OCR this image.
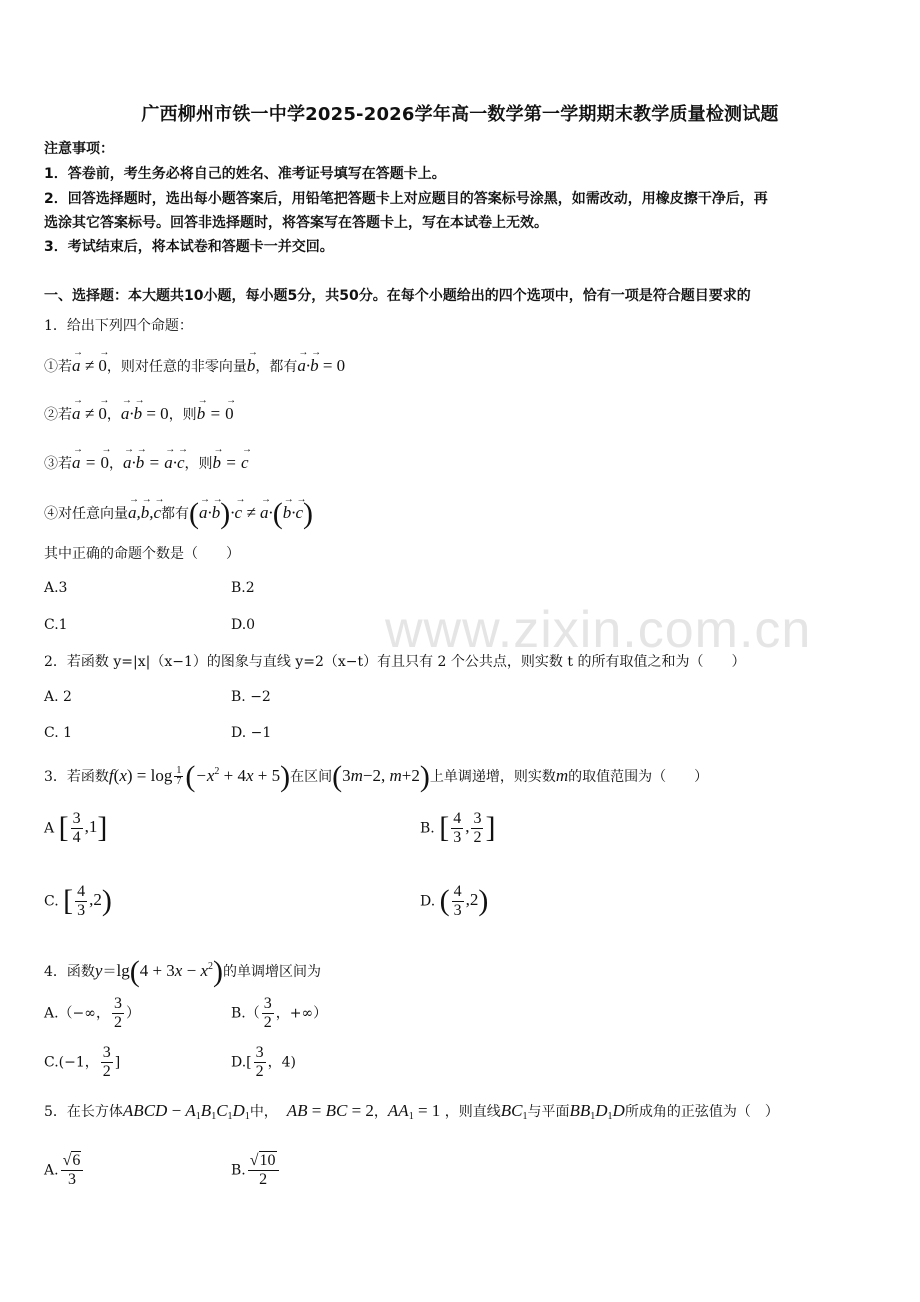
广西柳州市铁一中学2025-2026学年高一数学第一学期期末教学质量检测试题
注意事项：
1．答卷前，考生务必将自己的姓名、准考证号填写在答题卡上。
2．回答选择题时，选出每小题答案后，用铅笔把答题卡上对应题目的答案标号涂黑，如需改动，用橡皮擦干净后，再
选涂其它答案标号。回答非选择题时，将答案写在答题卡上，写在本试卷上无效。
3．考试结束后，将本试卷和答题卡一并交回。
一、选择题：本大题共10小题，每小题5分，共50分。在每个小题给出的四个选项中，恰有一项是符合题目要求的
1．给出下列四个命题：
①若→ a ≠ → 0，则对任意的非零向量→ b，都有→ a·→ b = 0
②若→ a ≠ → 0，→ a·→ b = 0，则→ b = → 0
③若→ a = → 0，→ a·→ b = → a·→ c，则→ b = → c
④对任意向量→ a,→ b,→ c都有(→ a·→ b)·→ c ≠ → a·(→ b·→ c)
其中正确的命题个数是（　　）
A.3	B.2
C.1	D.0 www.zixin.com.cn
2．若函数 y=|x|（x−1）的图象与直线 y=2（x−t）有且只有 2 个公共点，则实数 t 的所有取值之和为（　　）
A. 2	B. −2
C. 1	D. −1
3．若函数$f(x) = \log \frac{1}{7} (-x^2 + 4x + 5)$在区间(3m−2, m+2)上单调递增，则实数m的取值范围为（　　）
A [ $\frac{3}{4} ,1$]	B. [ $\frac{4}{3}$ , $\frac{3}{2}$ ]
C. [ $\frac{4}{3} ,2$)	D. ( $\frac{4}{3} ,2$)
4．函数$y=\lg(4 + 3x - x^2)$的单调增区间为
A.（−∞， $\frac{3}{2}$ ）	$B.( \frac{3}{2}$ ，+∞）
C.(−1， $\frac{3}{2}$ ]	$D.[ \frac{3}{2}$ ，4)
5．在长方体ABCD − $A_1B_1C_1D_1$中， AB = BC = 2，$AA_1 = 1$ ，则直线$BC_1$与平面$BB_1D_1D$所成角的正弦值为（　）
A. $\frac{√6}{3}$	B. $\frac{√10}{2}$
